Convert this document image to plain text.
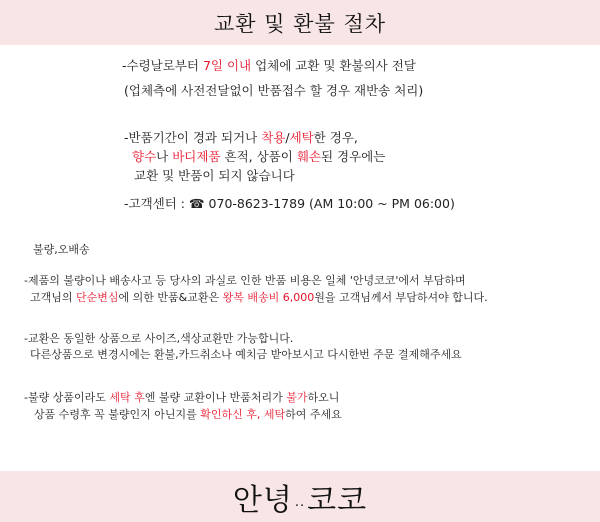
교환 및 환불 절차
-수령날로부터 7일 이내 업체에 교환 및 환불의사 전달
(업체측에 사전전달없이 반품접수 할 경우 재반송 처리)
-반품기간이 경과 되거나 착용/세탁한 경우,
향수나 바디제품 흔적, 상품이 훼손된 경우에는
교환 및 반품이 되지 않습니다
-고객센터 : ☎ 070-8623-1789 (AM 10:00 ~ PM 06:00)
불량,오배송
-제품의 불량이나 배송사고 등 당사의 과실로 인한 반품 비용은 일체 '안녕코코'에서 부담하며
고객님의 단순변심에 의한 반품&교환은 왕복 배송비 6,000원을 고객님께서 부담하셔야 합니다.
-교환은 동일한 상품으로 사이즈,색상교환만 가능합니다.
다른상품으로 변경시에는 환불,카드취소나 예치금 받아보시고 다시한번 주문 결제해주세요
-불량 상품이라도 세탁 후엔 불량 교환이나 반품처리가 불가하오니
상품 수령후 꼭 불량인지 아닌지를 확인하신 후, 세탁하여 주세요
안녕 .. 코코
